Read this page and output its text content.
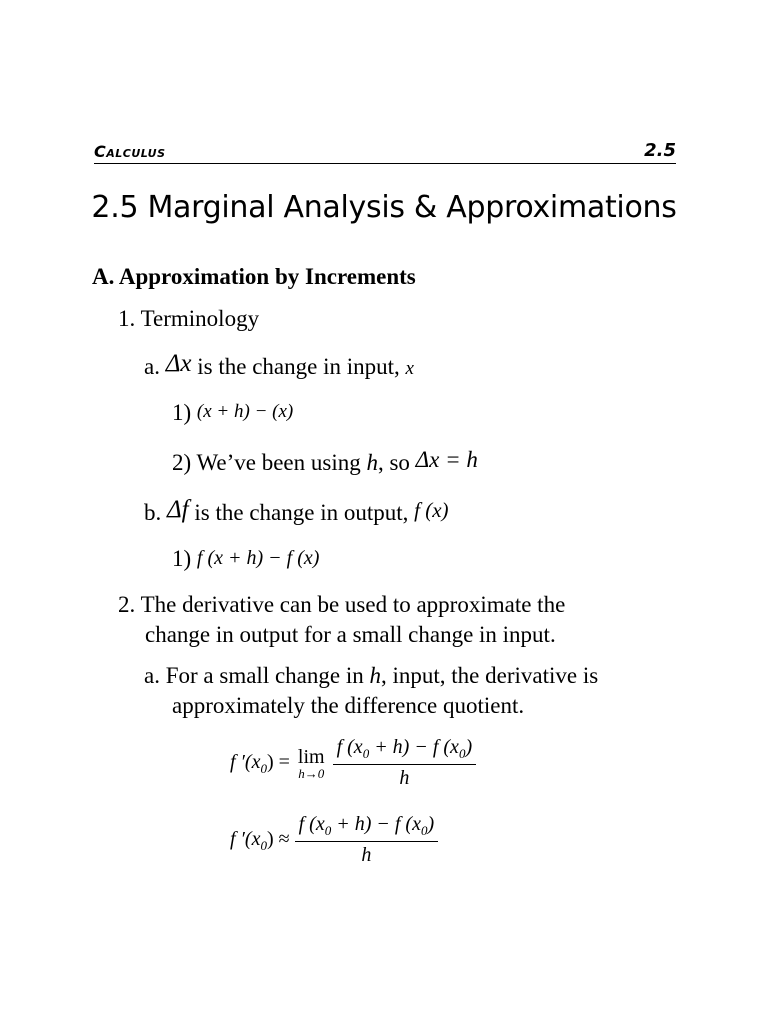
Calculus	2.5
2.5 Marginal Analysis & Approximations
A. Approximation by Increments
1. Terminology
a. Δx is the change in input, x
1) (x + h) − (x)
2) We’ve been using h, so Δx = h
b. Δf is the change in output, f (x)
1) f (x + h) − f (x)
2. The derivative can be used to approximate the
change in output for a small change in input.
a. For a small change in h, input, the derivative is
approximately the difference quotient.
f $'(x_0) = \lim$
h→0
$\frac{f (x_0 + h) - f (x_0)}{h}$
f $'(x_0) \approx \frac{f (x_0 + h) - f (x_0)}{h}$
